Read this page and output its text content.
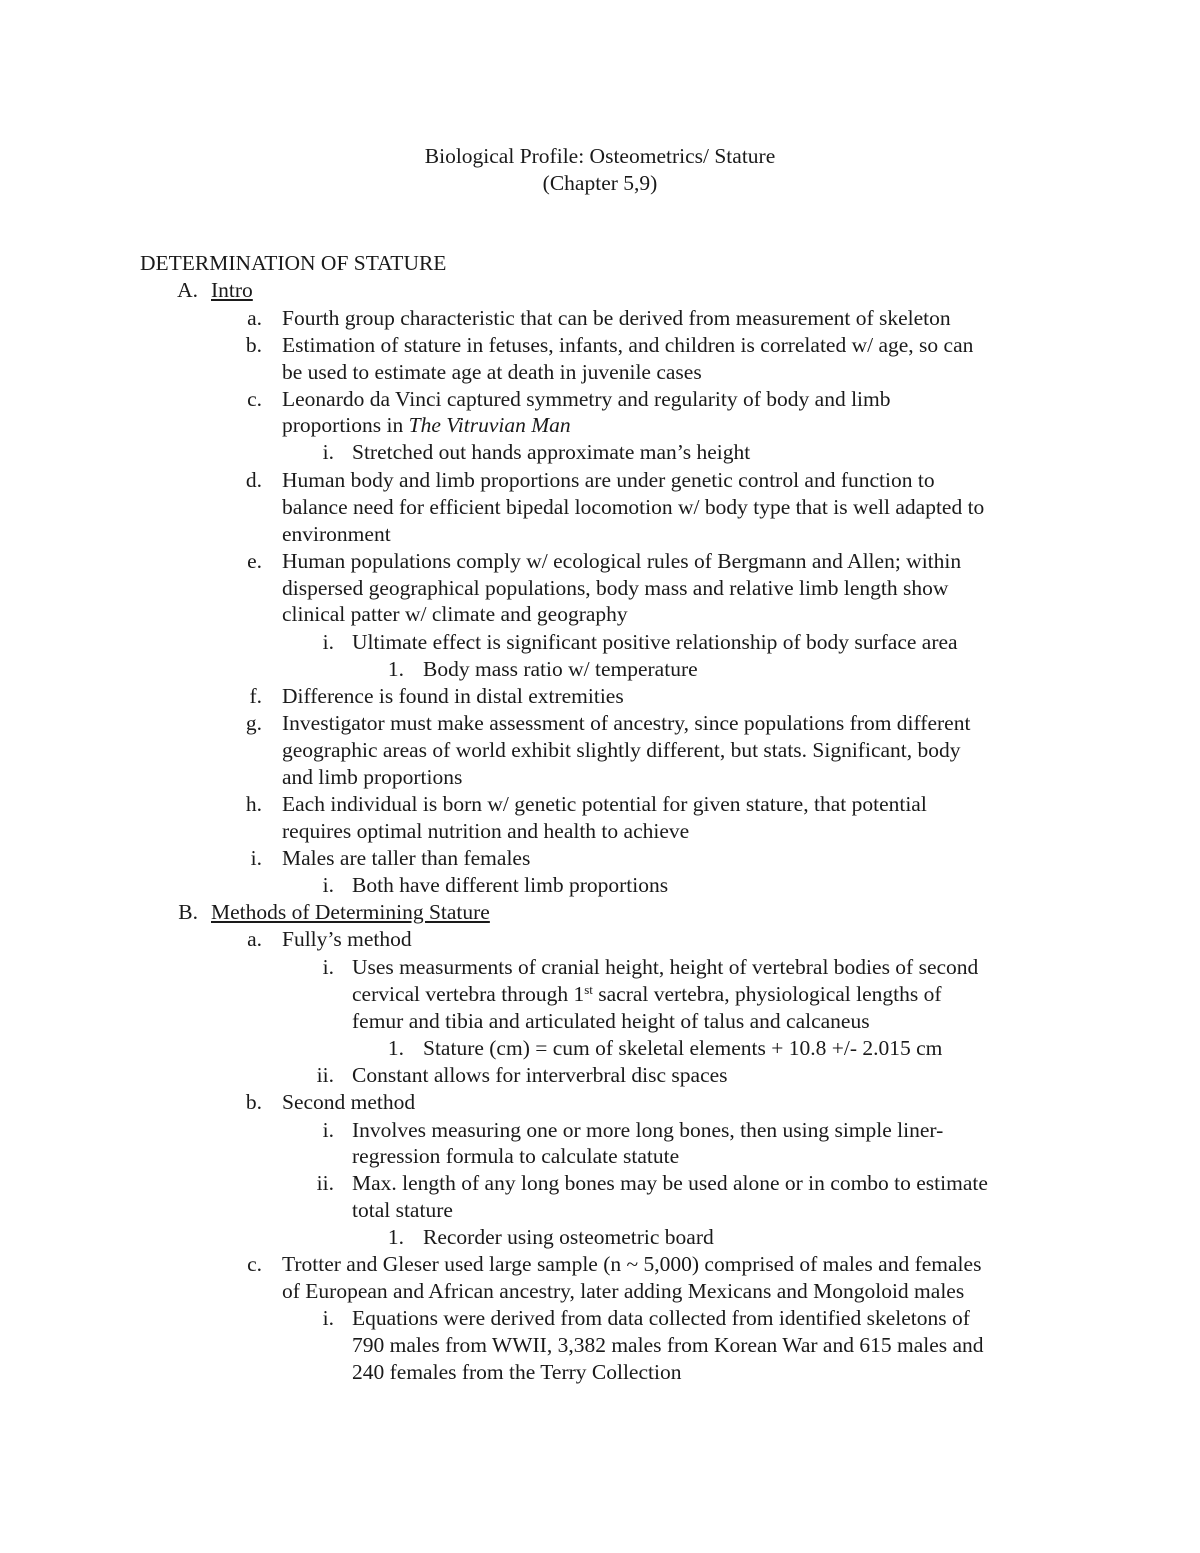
Biological Profile: Osteometrics/ Stature
(Chapter 5,9)
DETERMINATION OF STATURE
A. Intro
a. Fourth group characteristic that can be derived from measurement of skeleton
b. Estimation of stature in fetuses, infants, and children is correlated w/ age, so can
be used to estimate age at death in juvenile cases
c. Leonardo da Vinci captured symmetry and regularity of body and limb
proportions in The Vitruvian Man
i. Stretched out hands approximate man’s height
d. Human body and limb proportions are under genetic control and function to
balance need for efficient bipedal locomotion w/ body type that is well adapted to
environment
e. Human populations comply w/ ecological rules of Bergmann and Allen; within
dispersed geographical populations, body mass and relative limb length show
clinical patter w/ climate and geography
i. Ultimate effect is significant positive relationship of body surface area
1. Body mass ratio w/ temperature
f. Difference is found in distal extremities
g. Investigator must make assessment of ancestry, since populations from different
geographic areas of world exhibit slightly different, but stats. Significant, body
and limb proportions
h. Each individual is born w/ genetic potential for given stature, that potential
requires optimal nutrition and health to achieve
i. Males are taller than females
i. Both have different limb proportions
B. Methods of Determining Stature
a. Fully’s method
i. Uses measurments of cranial height, height of vertebral bodies of second
cervical vertebra through 1st sacral vertebra, physiological lengths of
femur and tibia and articulated height of talus and calcaneus
1. Stature (cm) = cum of skeletal elements + 10.8 +/- 2.015 cm
ii. Constant allows for interverbral disc spaces
b. Second method
i. Involves measuring one or more long bones, then using simple liner-
regression formula to calculate statute
ii. Max. length of any long bones may be used alone or in combo to estimate
total stature
1. Recorder using osteometric board
c. Trotter and Gleser used large sample (n ~ 5,000) comprised of males and females
of European and African ancestry, later adding Mexicans and Mongoloid males
i. Equations were derived from data collected from identified skeletons of
790 males from WWII, 3,382 males from Korean War and 615 males and
240 females from the Terry Collection
